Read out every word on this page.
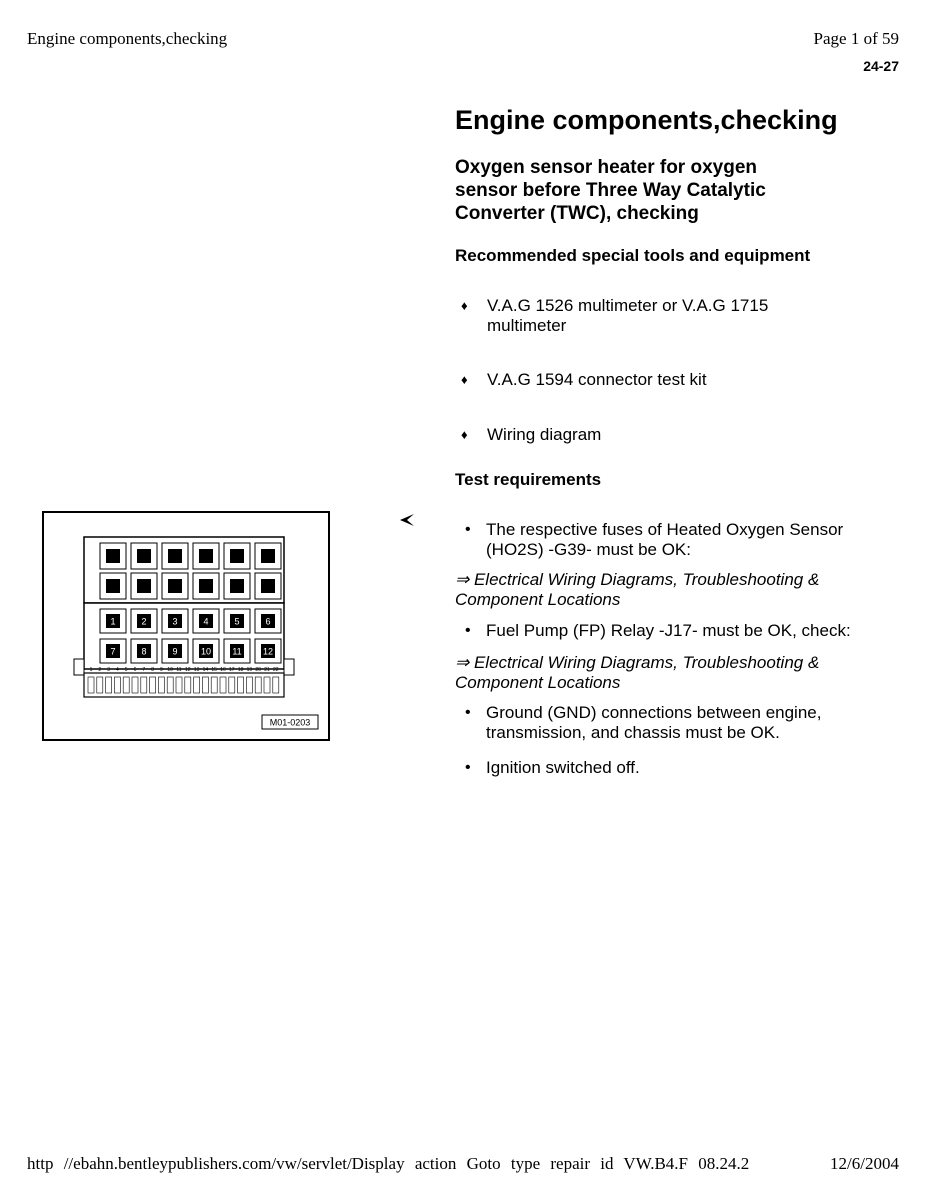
Engine components,checking	Page 1 of 59
24-27
Engine components,checking
Oxygen sensor heater for oxygen sensor before Three Way Catalytic Converter (TWC), checking
Recommended special tools and equipment
♦ V.A.G 1526 multimeter or V.A.G 1715 multimeter
♦ V.A.G 1594 connector test kit
♦ Wiring diagram
Test requirements
• The respective fuses of Heated Oxygen Sensor (HO2S) -G39- must be OK:
⇒ Electrical Wiring Diagrams, Troubleshooting & Component Locations
• Fuel Pump (FP) Relay -J17- must be OK, check:
⇒ Electrical Wiring Diagrams, Troubleshooting & Component Locations
• Ground (GND) connections between engine, transmission, and chassis must be OK.
• Ignition switched off.
1	2	3	4	5	6
7	8	9	10 11 12
1 2 3 4 5 6 7 8 9 10 11 12 13 14 15 16 17 18 19 20 21 22
M01-0203
http //ebahn.bentleypublishers.com/vw/servlet/Display action Goto type repair id VW.B4.F 08.24.2	12/6/2004
